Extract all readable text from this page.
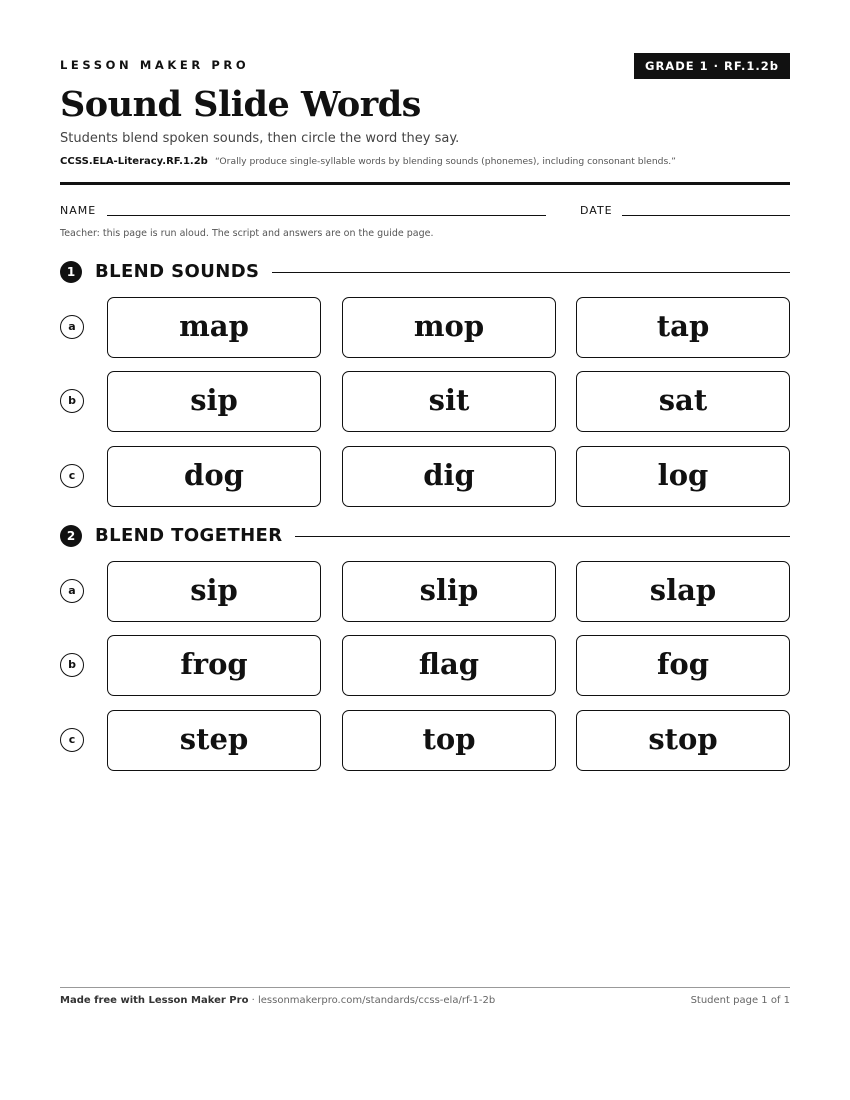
LESSON MAKER PRO	GRADE 1 · RF.1.2b
Sound Slide Words
Students blend spoken sounds, then circle the word they say.
CCSS.ELA-Literacy.RF.1.2b “Orally produce single-syllable words by blending sounds (phonemes), including consonant blends.”
NAME	DATE
Teacher: this page is run aloud. The script and answers are on the guide page.
1	BLEND SOUNDS
a	map	mop	tap
b	sip	sit	sat
c	dog	dig	log
2	BLEND TOGETHER
a	sip	slip	slap
b	frog	flag	fog
c	step	top	stop
Made free with Lesson Maker Pro · lessonmakerpro.com/standards/ccss-ela/rf-1-2b	Student page 1 of 1
